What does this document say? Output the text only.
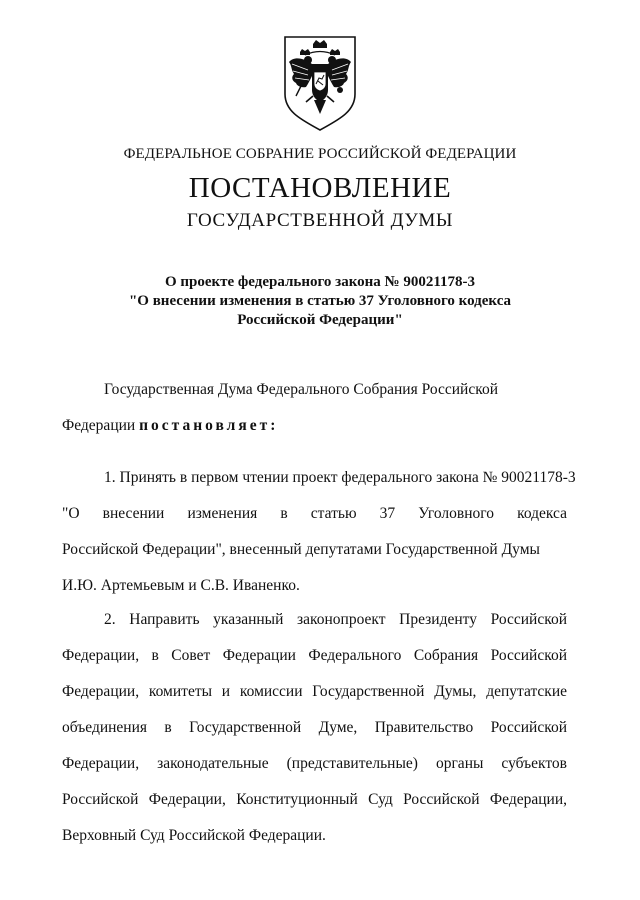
ФЕДЕРАЛЬНОЕ СОБРАНИЕ РОССИЙСКОЙ ФЕДЕРАЦИИ
ПОСТАНОВЛЕНИЕ
ГОСУДАРСТВЕННОЙ ДУМЫ
О проекте федерального закона № 90021178-3
"О внесении изменения в статью 37 Уголовного кодекса
Российской Федерации"
Государственная Дума Федерального Собрания Российской
Федерации постановляет:
1. Принять в первом чтении проект федерального закона № 90021178-3
"О внесении изменения в статью 37 Уголовного кодекса
Российской Федерации", внесенный депутатами Государственной Думы
И.Ю. Артемьевым и С.В. Иваненко.
2. Направить указанный законопроект Президенту Российской
Федерации, в Совет Федерации Федерального Собрания Российской
Федерации, комитеты и комиссии Государственной Думы, депутатские
объединения в Государственной Думе, Правительство Российской
Федерации, законодательные (представительные) органы субъектов
Российской Федерации, Конституционный Суд Российской Федерации,
Верховный Суд Российской Федерации.
